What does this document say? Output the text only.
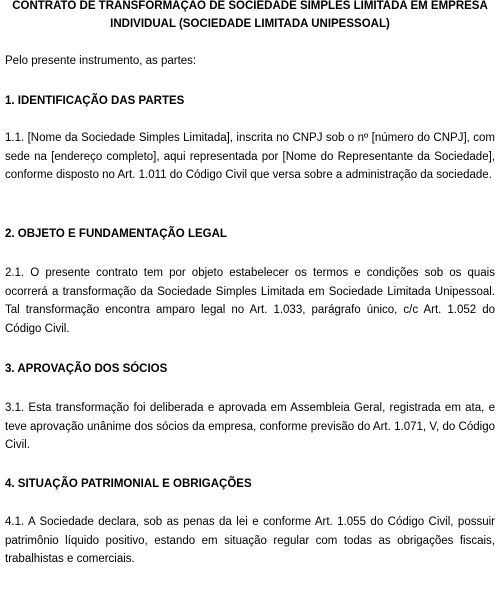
CONTRATO DE TRANSFORMAÇÃO DE SOCIEDADE SIMPLES LIMITADA EM EMPRESA INDIVIDUAL (SOCIEDADE LIMITADA UNIPESSOAL)

Pelo presente instrumento, as partes:

1. IDENTIFICAÇÃO DAS PARTES

1.1. [Nome da Sociedade Simples Limitada], inscrita no CNPJ sob o nº [número do CNPJ], com sede na [endereço completo], aqui representada por [Nome do Representante da Sociedade], conforme disposto no Art. 1.011 do Código Civil que versa sobre a administração da sociedade.

2. OBJETO E FUNDAMENTAÇÃO LEGAL

2.1. O presente contrato tem por objeto estabelecer os termos e condições sob os quais ocorrerá a transformação da Sociedade Simples Limitada em Sociedade Limitada Unipessoal. Tal transformação encontra amparo legal no Art. 1.033, parágrafo único, c/c Art. 1.052 do Código Civil.

3. APROVAÇÃO DOS SÓCIOS

3.1. Esta transformação foi deliberada e aprovada em Assembleia Geral, registrada em ata, e teve aprovação unânime dos sócios da empresa, conforme previsão do Art. 1.071, V, do Código Civil.

4. SITUAÇÃO PATRIMONIAL E OBRIGAÇÕES

4.1. A Sociedade declara, sob as penas da lei e conforme Art. 1.055 do Código Civil, possuir patrimônio líquido positivo, estando em situação regular com todas as obrigações fiscais, trabalhistas e comerciais.
